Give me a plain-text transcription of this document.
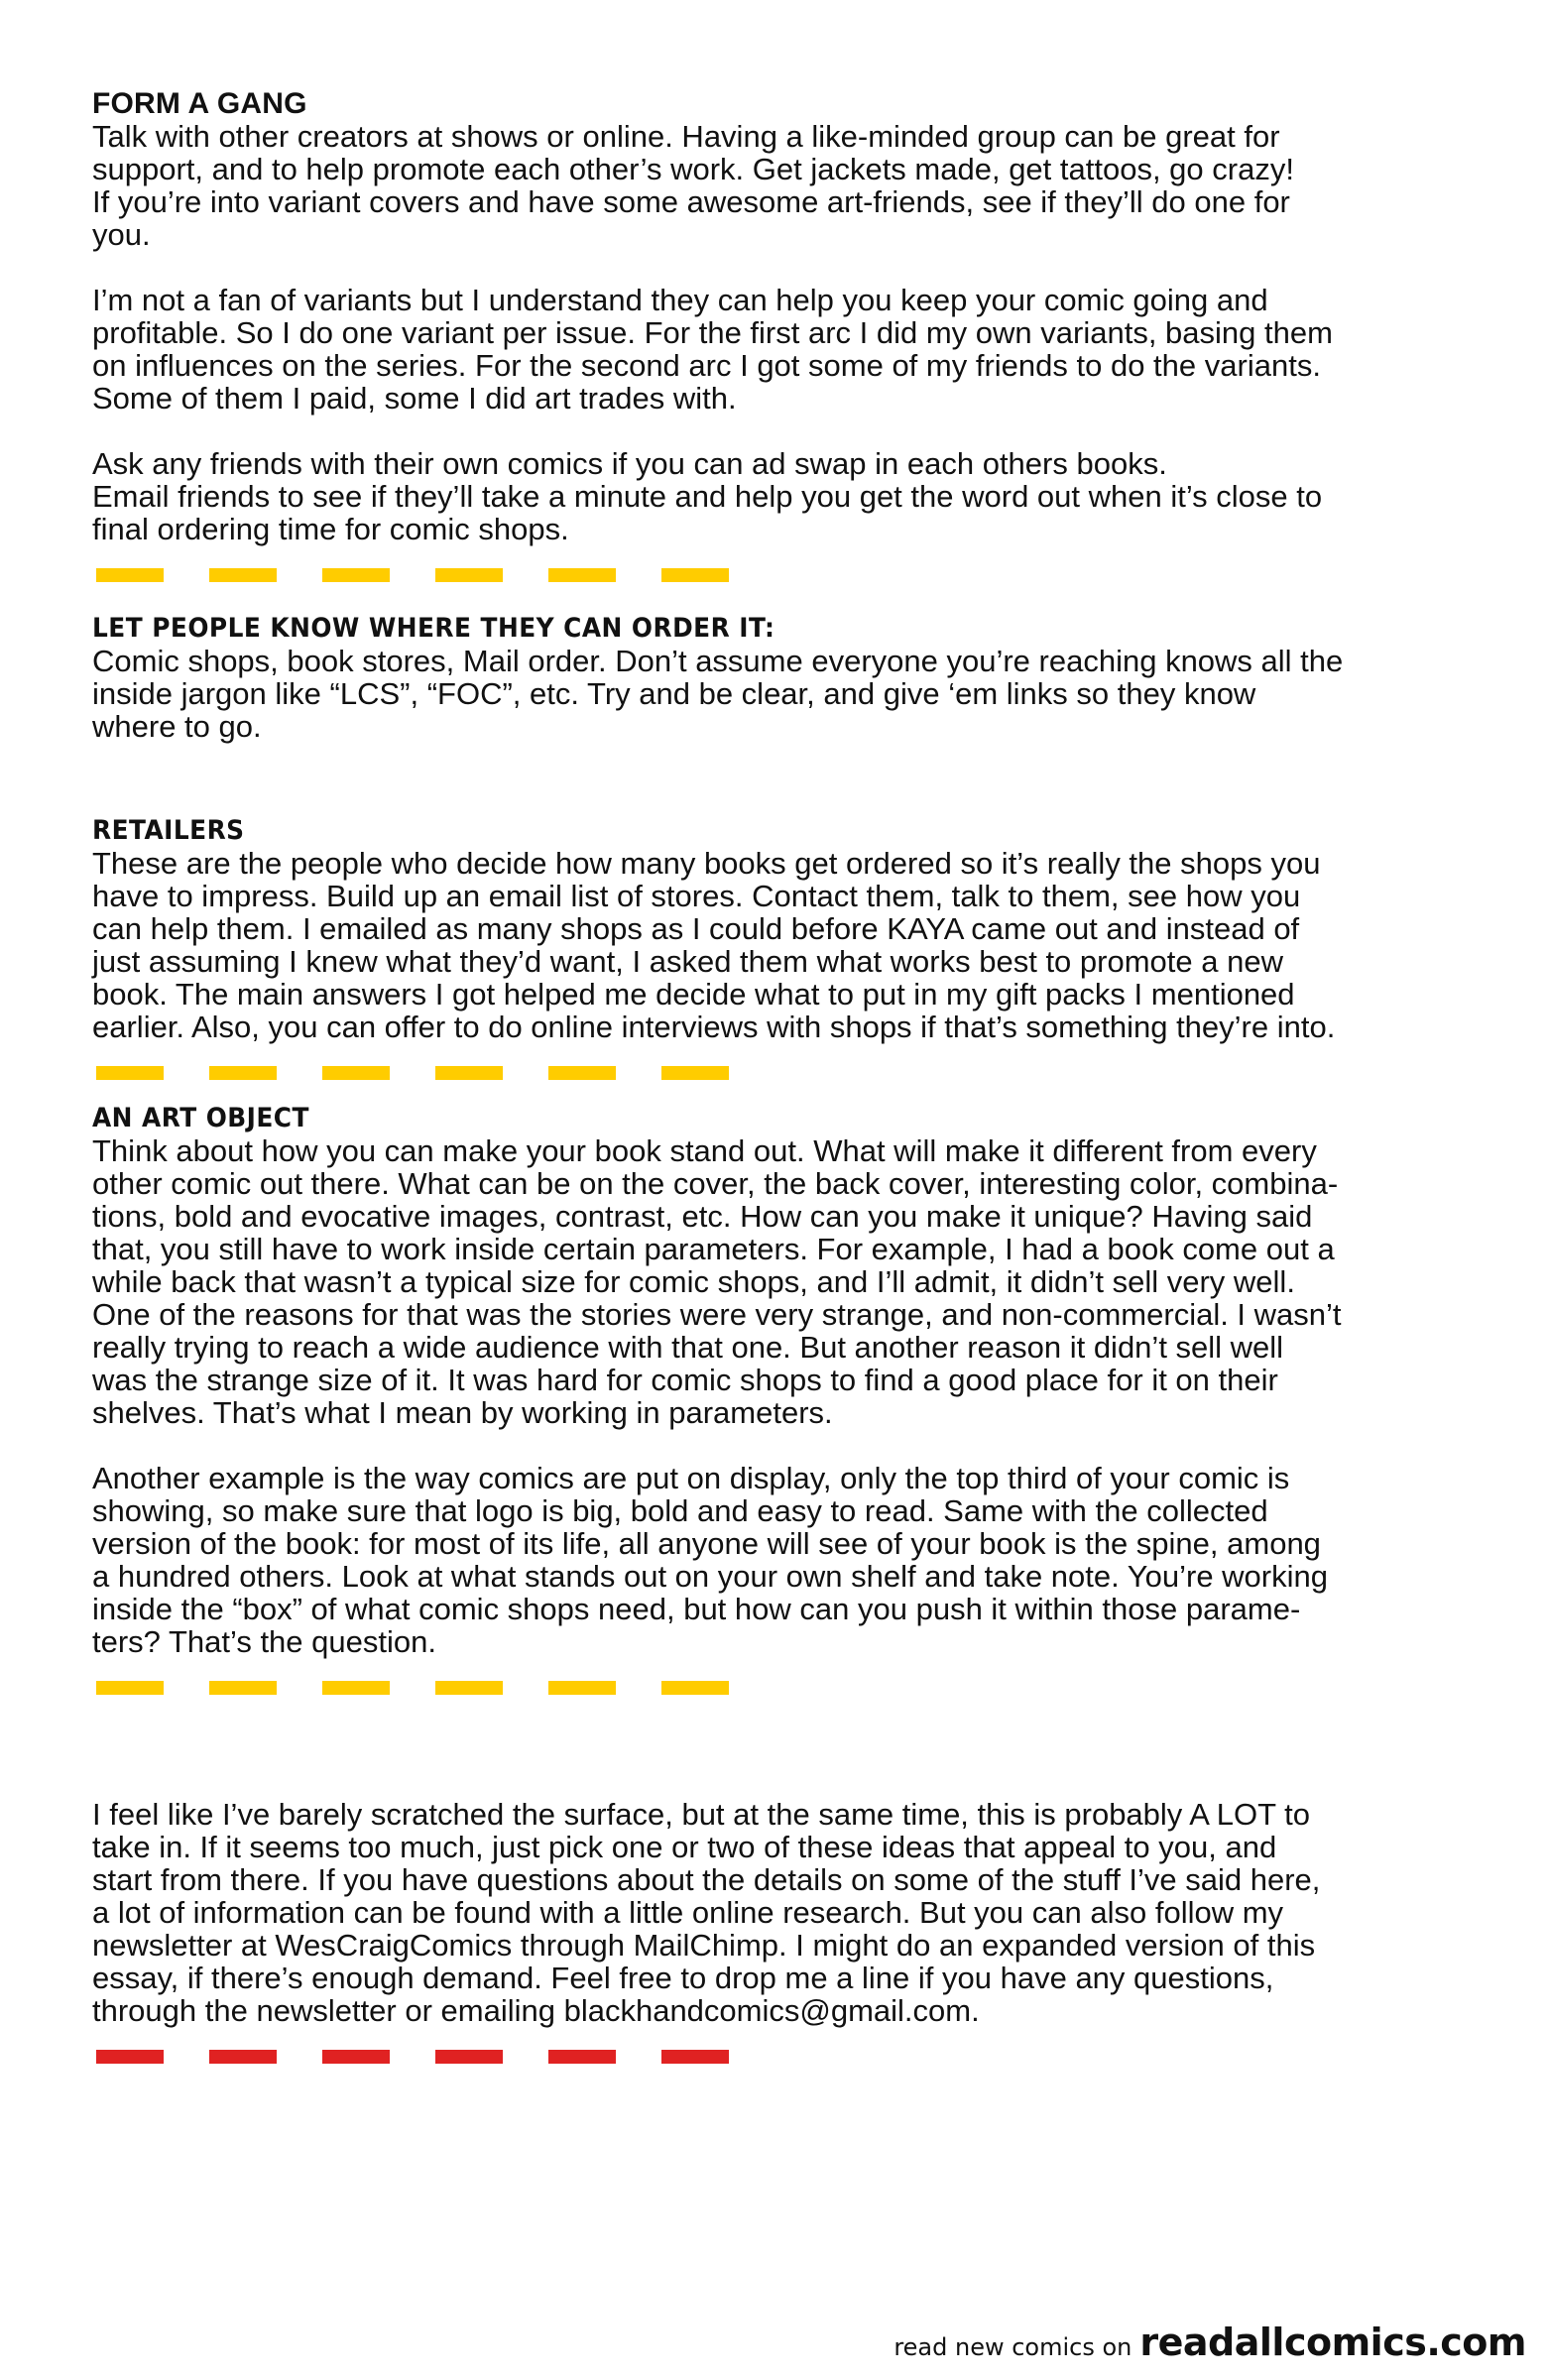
FORM A GANG

Talk with other creators at shows or online. Having a like-minded group can be great for
support, and to help promote each other’s work. Get jackets made, get tattoos, go crazy!
If you’re into variant covers and have some awesome art-friends, see if they’ll do one for
you.

I’m not a fan of variants but I understand they can help you keep your comic going and
profitable. So I do one variant per issue. For the first arc I did my own variants, basing them
on influences on the series. For the second arc I got some of my friends to do the variants.
Some of them I paid, some I did art trades with.

Ask any friends with their own comics if you can ad swap in each others books.
Email friends to see if they’ll take a minute and help you get the word out when it’s close to
final ordering time for comic shops.

LET PEOPLE KNOW WHERE THEY CAN ORDER IT:

Comic shops, book stores, Mail order. Don’t assume everyone you’re reaching knows all the
inside jargon like “LCS”, “FOC”, etc. Try and be clear, and give ‘em links so they know
where to go.

RETAILERS

These are the people who decide how many books get ordered so it’s really the shops you
have to impress. Build up an email list of stores. Contact them, talk to them, see how you
can help them. I emailed as many shops as I could before KAYA came out and instead of
just assuming I knew what they’d want, I asked them what works best to promote a new
book. The main answers I got helped me decide what to put in my gift packs I mentioned
earlier. Also, you can offer to do online interviews with shops if that’s something they’re into.

AN ART OBJECT

Think about how you can make your book stand out. What will make it different from every
other comic out there. What can be on the cover, the back cover, interesting color, combina-
tions, bold and evocative images, contrast, etc. How can you make it unique? Having said
that, you still have to work inside certain parameters. For example, I had a book come out a
while back that wasn’t a typical size for comic shops, and I’ll admit, it didn’t sell very well.
One of the reasons for that was the stories were very strange, and non-commercial. I wasn’t
really trying to reach a wide audience with that one. But another reason it didn’t sell well
was the strange size of it. It was hard for comic shops to find a good place for it on their
shelves. That’s what I mean by working in parameters.

Another example is the way comics are put on display, only the top third of your comic is
showing, so make sure that logo is big, bold and easy to read. Same with the collected
version of the book: for most of its life, all anyone will see of your book is the spine, among
a hundred others. Look at what stands out on your own shelf and take note. You’re working
inside the “box” of what comic shops need, but how can you push it within those parame-
ters? That’s the question.

I feel like I’ve barely scratched the surface, but at the same time, this is probably A LOT to
take in. If it seems too much, just pick one or two of these ideas that appeal to you, and
start from there. If you have questions about the details on some of the stuff I’ve said here,
a lot of information can be found with a little online research. But you can also follow my
newsletter at WesCraigComics through MailChimp. I might do an expanded version of this
essay, if there’s enough demand. Feel free to drop me a line if you have any questions,
through the newsletter or emailing blackhandcomics@gmail.com.

read new comics on readallcomics.com
